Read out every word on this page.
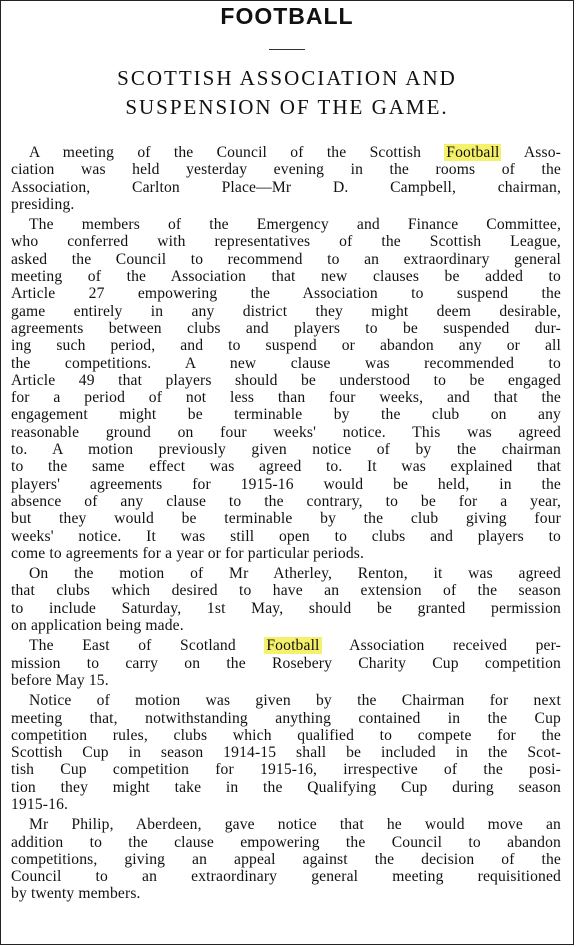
FOOTBALL
SCOTTISH ASSOCIATION AND
SUSPENSION OF THE GAME.
A meeting of the Council of the Scottish Football Asso-
ciation was held yesterday evening in the rooms of the
Association, Carlton Place—Mr D. Campbell, chairman,
presiding.
The members of the Emergency and Finance Committee,
who conferred with representatives of the Scottish League,
asked the Council to recommend to an extraordinary general
meeting of the Association that new clauses be added to
Article 27 empowering the Association to suspend the
game entirely in any district they might deem desirable,
agreements between clubs and players to be suspended dur-
ing such period, and to suspend or abandon any or all
the competitions. A new clause was recommended to
Article 49 that players should be understood to be engaged
for a period of not less than four weeks, and that the
engagement might be terminable by the club on any
reasonable ground on four weeks' notice. This was agreed
to. A motion previously given notice of by the chairman
to the same effect was agreed to. It was explained that
players' agreements for 1915-16 would be held, in the
absence of any clause to the contrary, to be for a year,
but they would be terminable by the club giving four
weeks' notice. It was still open to clubs and players to
come to agreements for a year or for particular periods.
On the motion of Mr Atherley, Renton, it was agreed
that clubs which desired to have an extension of the season
to include Saturday, 1st May, should be granted permission
on application being made.
The East of Scotland Football Association received per-
mission to carry on the Rosebery Charity Cup competition
before May 15.
Notice of motion was given by the Chairman for next
meeting that, notwithstanding anything contained in the Cup
competition rules, clubs which qualified to compete for the
Scottish Cup in season 1914-15 shall be included in the Scot-
tish Cup competition for 1915-16, irrespective of the posi-
tion they might take in the Qualifying Cup during season
1915-16.
Mr Philip, Aberdeen, gave notice that he would move an
addition to the clause empowering the Council to abandon
competitions, giving an appeal against the decision of the
Council to an extraordinary general meeting requisitioned
by twenty members.
